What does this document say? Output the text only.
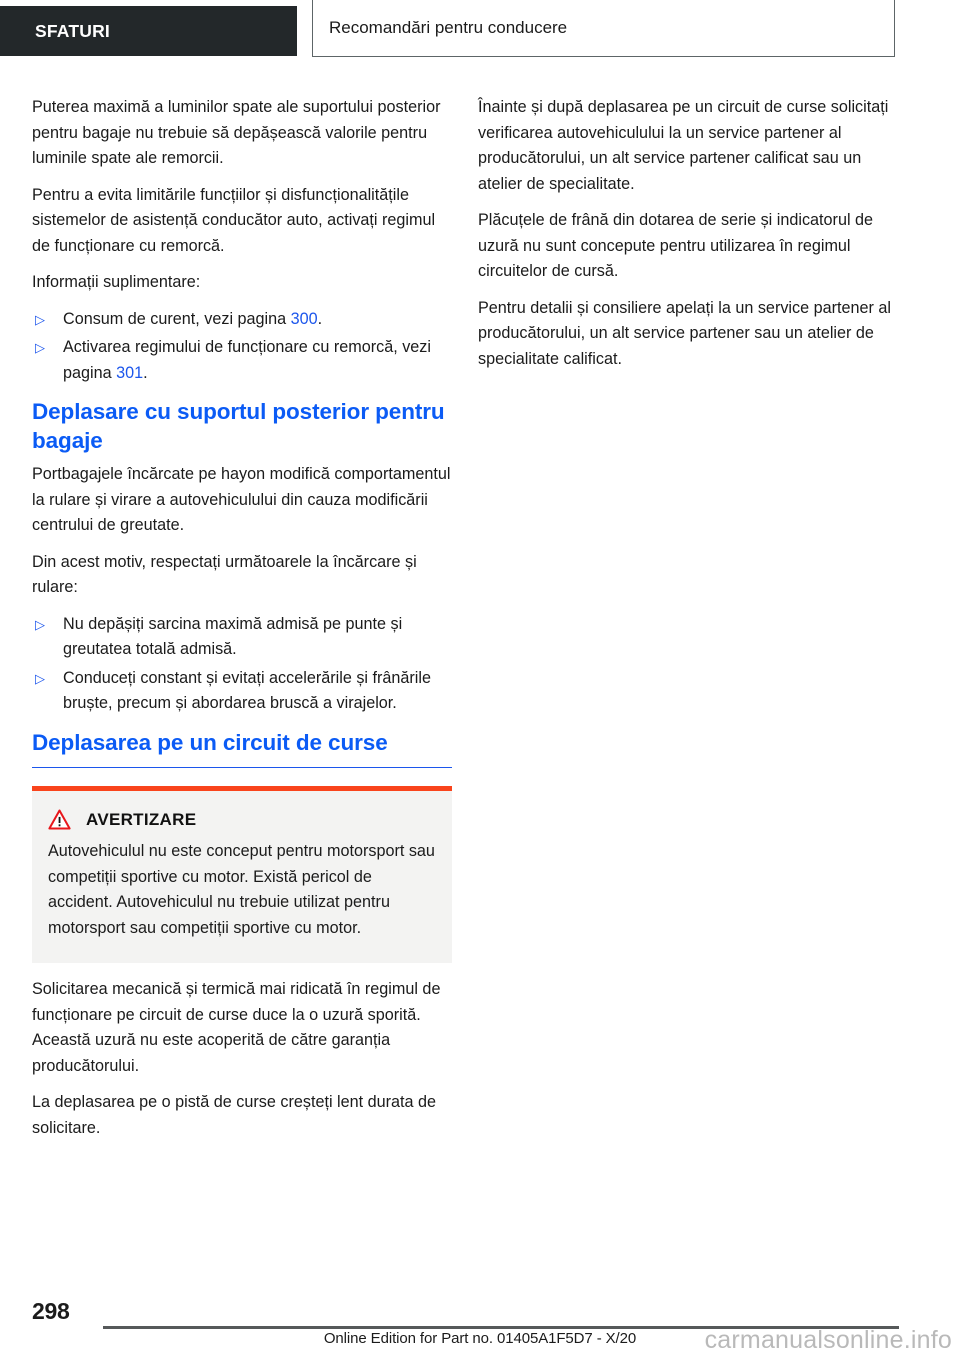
SFATURI	Recomandări pentru conducere

Puterea maximă a luminilor spate ale suportului posterior pentru bagaje nu trebuie să depășească valorile pentru luminile spate ale remorcii.

Pentru a evita limitările funcțiilor și disfuncționalitățile sistemelor de asistență conducător auto, activați regimul de funcționare cu remorcă.

Informații suplimentare:

▷ Consum de curent, vezi pagina 300.
▷ Activarea regimului de funcționare cu remorcă, vezi pagina 301.
Deplasare cu suportul posterior pentru bagaje

Portbagajele încărcate pe hayon modifică comportamentul la rulare și virare a autovehiculului din cauza modificării centrului de greutate.

Din acest motiv, respectați următoarele la încărcare și rulare:

▷ Nu depășiți sarcina maximă admisă pe punte și greutatea totală admisă.
▷ Conduceți constant și evitați accelerările și frânările bruște, precum și abordarea bruscă a virajelor.
Deplasarea pe un circuit de curse
AVERTIZARE

Autovehiculul nu este conceput pentru motorsport sau competiții sportive cu motor. Există pericol de accident. Autovehiculul nu trebuie utilizat pentru motorsport sau competiții sportive cu motor.

Solicitarea mecanică și termică mai ridicată în regimul de funcționare pe circuit de curse duce la o uzură sporită. Această uzură nu este acoperită de către garanția producătorului.

La deplasarea pe o pistă de curse creșteți lent durata de solicitare.

Înainte și după deplasarea pe un circuit de curse solicitați verificarea autovehiculului la un service partener al producătorului, un alt service partener calificat sau un atelier de specialitate.

Plăcuțele de frână din dotarea de serie și indicatorul de uzură nu sunt concepute pentru utilizarea în regimul circuitelor de cursă.

Pentru detalii și consiliere apelați la un service partener al producătorului, un alt service partener sau un atelier de specialitate calificat.

298
Online Edition for Part no. 01405A1F5D7 - X/20	carmanualsonline.info
